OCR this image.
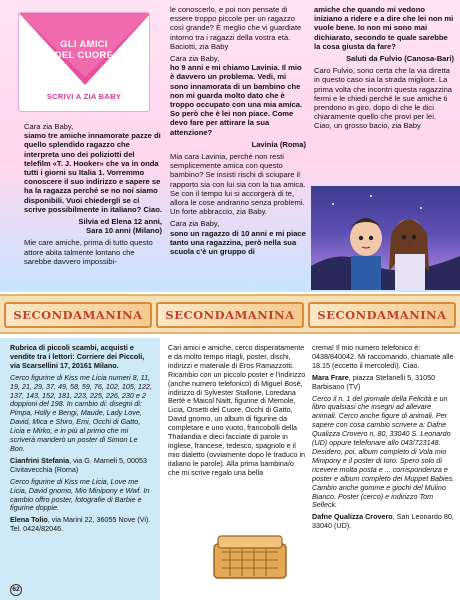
GLI AMICI
DEL CUORE
SCRIVI A ZIA BABY

Cara zia Baby,
siamo tre amiche innamorate pazze di quello splendido ragazzo che interpreta uno dei poliziotti del telefilm «T. J. Hooker» che va in onda tutti i giorni su Italia 1. Vorremmo conoscere il suo indirizzo e sapere se ha la ragazza perché se no noi siamo disponibili. Vuoi chiedergli se ci scrive possibilmente in italiano? Ciao.

Silvia ed Elena 12 anni,
Sara 10 anni (Milano)

Mie care amiche, prima di tutto questo attore abita talmente lontano che sarebbe davvero impossibi-

le conoscerlo, e poi non pensate di essere troppo piccole per un ragazzo così grande? È meglio che vi guardiate intorno tra i ragazzi della vostra età. Baciotti, zia Baby

Cara zia Baby,
ho 9 anni e mi chiamo Lavinia. Il mio è davvero un problema. Vedi, mi sono innamorata di un bambino che non mi guarda molto dato che è troppo occupato con una mia amica. So però che è lei non piace. Come devo fare per attirare la sua attenzione?

Lavinia (Roma)

Mia cara Lavinia, perché non resti semplicemente amica con questo bambino? Se insisti rischi di sciupare il rapporto sia con lui sia con la tua amica. Se con il tempo lui si accorgerà di te, allora le cose andranno senza problemi. Un forte abbraccio, zia Baby.

Cara zia Baby,
sono un ragazzo di 10 anni e mi piace tanto una ragazzina, però nella sua scuola c'è un gruppo di

amiche che quando mi vedono iniziano a ridere e a dire che lei non mi vuole bene. Io non mi sono mai dichiarato, secondo te quale sarebbe la cosa giusta da fare?

Saluti da Fulvio (Canosa-Bari)

Caro Fulvio, sono certa che la via diretta in questo caso sia la strada migliore. La prima volta che incontri questa ragazzina fermi e le chiedi perché le sue amiche ti prendono in giro, dopo di che le dici chiaramente quello che provi per lei. Ciao, un grosso bacio, zia Baby

SECONDAMANINA	SECONDAMANINA	SECONDAMANINA

Rubrica di piccoli scambi, acquisti e vendite tra i lettori: Corriere dei Piccoli, via Scarsellini 17, 20161 Milano.

Cerco figurine di Kiss me Licia numeri 8, 11, 19, 21, 29, 37, 49, 58, 59, 76, 102, 105, 122, 137, 143, 152, 181, 223, 225, 226, 230 e 2 doppioni del 198. In cambio di: disegni di: Pimpa, Holly e Bengi, Maude, Lady Love, David, Mica e Shiro, Emi, Occhi di Gatto, Licia e Mirko, e in più al primo che mi scriverà manderò un poster di Simon Le Bon.

Cianfrini Stefania, via G. Mameli 5, 00053 Civitavecchia (Roma)

Cerco figurine di Kiss me Licia, Love me Licia, David gnomo, Mio Minipony e Wwf. In cambio offro poster, fotografie di Barbie e figurine doppie.

Elena Tolio, via Marini 22, 36055 Nove (Vi). Tel. 0424/82046.

Cari amici e amiche, cerco disperatamente e da molto tempo ritagli, poster, dischi, indirizzi e materiale di Eros Ramazzotti. Ricambio con un piccolo poster e l'indirizzo (anche numero telefonico) di Miguel Bosé, indirizzo di Sylvester Stallone, Loredana Bertè e Maicol Naitt, figurine di Memole, Licia, Orsetti del Cuore, Occhi di Gatto, David gnomo, un album di figurine da completare e uno vuoto, francobolli della Thailandia e dieci facciate di parole in inglese, francese, tedesco, spagnolo e il mio dialetto (ovviamente dopo le traduco in italiano le parole). Alla prima bambina/o che mi scrive regalo una bella

crema! Il mio numero telefonico è: 0438/840042. Mi raccomando, chiamate alle 18.15 (eccetto il mercoledì). Ciao.

Mara Frare, piazza Stefanelli 5, 31050 Barbisano (TV)

Cerco il n. 1 del giornale della Felicità e un libro qualsiasi che insegni ad allevare animali. Cerco anche figure di animali. Per sapere con cosa cambio scrivere a: Dafne Qualizza Crovero n. 80, 33040 S. Leonardo (UD) oppure telefonare allo 043/723148. Desidero, poi, album completo di Vola mio Minipony e il poster di Ioro. Spero solo di ricevere molta posta e ... corrispondenza e poster e album completo dei Muppet Babies. Cambio anche gomme e giochi del Mulino Bianco. Poster (cerco) e indirizzo Tom Selleck.

Dafne Qualizza Crovero, San Leonardo 80, 33040 (UD).

62
